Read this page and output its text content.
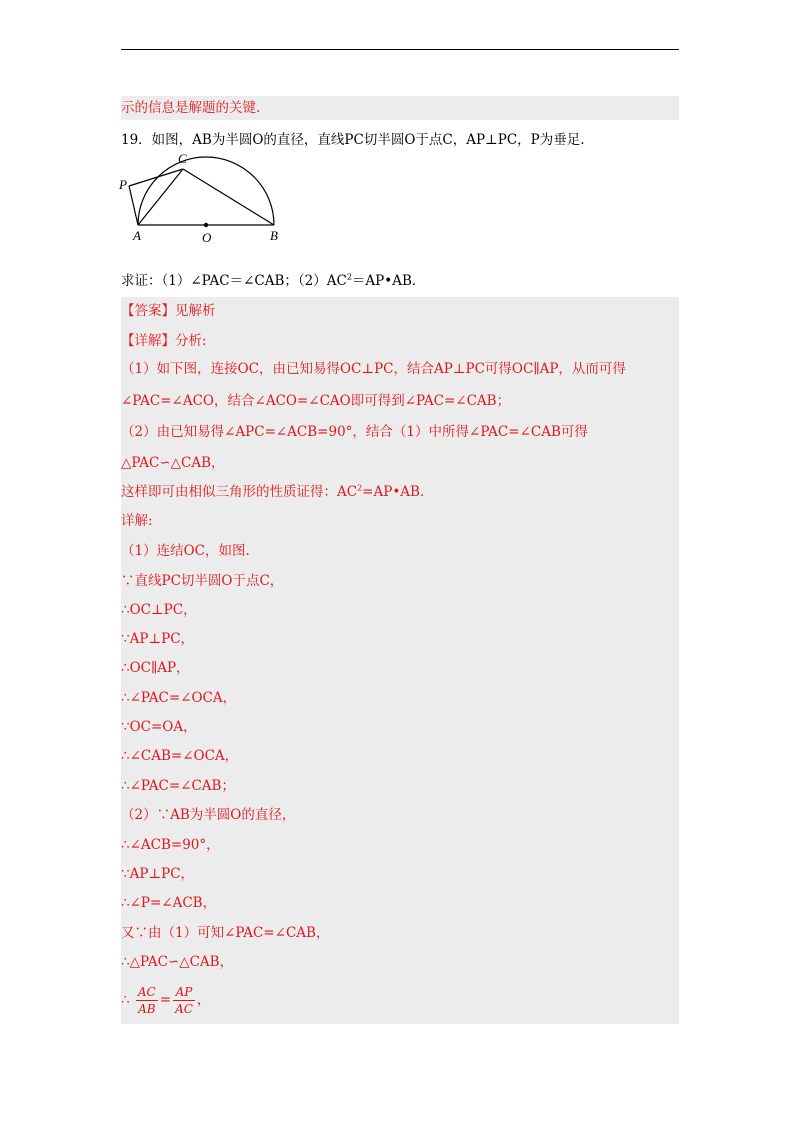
示的信息是解题的关键.
19．如图，AB为半圆O的直径，直线PC切半圆O于点C，AP⊥PC，P为垂足.
P
C
A	O	B
求证：（1）∠PAC＝∠CAB；$(2)AC^2=AP•AB$．
【答案】见解析
【详解】分析:
（1）如下图，连接OC，由已知易得OC⊥PC，结合AP⊥PC可得OC∥AP，从而可得
∠PAC=∠ACO，结合∠ACO=∠CAO即可得到∠PAC=∠CAB；
（2）由已知易得∠APC=∠ACB=90°，结合（1）中所得∠PAC=∠CAB可得
△PAC∽△CAB，
这样即可由相似三角形的性质证得：$AC^2=AP•AB$.
详解:
（1）连结OC，如图.
∵直线PC切半圆O于点C，
∴OC⊥PC，
∵AP⊥PC，
∴OC∥AP，
∴∠PAC=∠OCA，
∵OC=OA，
∴∠CAB=∠OCA，
∴∠PAC=∠CAB；
（2）∵AB为半圆O的直径，
∴∠ACB=90°，
∵AP⊥PC，
∴∠P=∠ACB，
又∵由（1）可知∠PAC=∠CAB，
∴△PAC∽△CAB，
∴ $\frac{AC}{AB} = \frac{AP}{AC}$ ，
